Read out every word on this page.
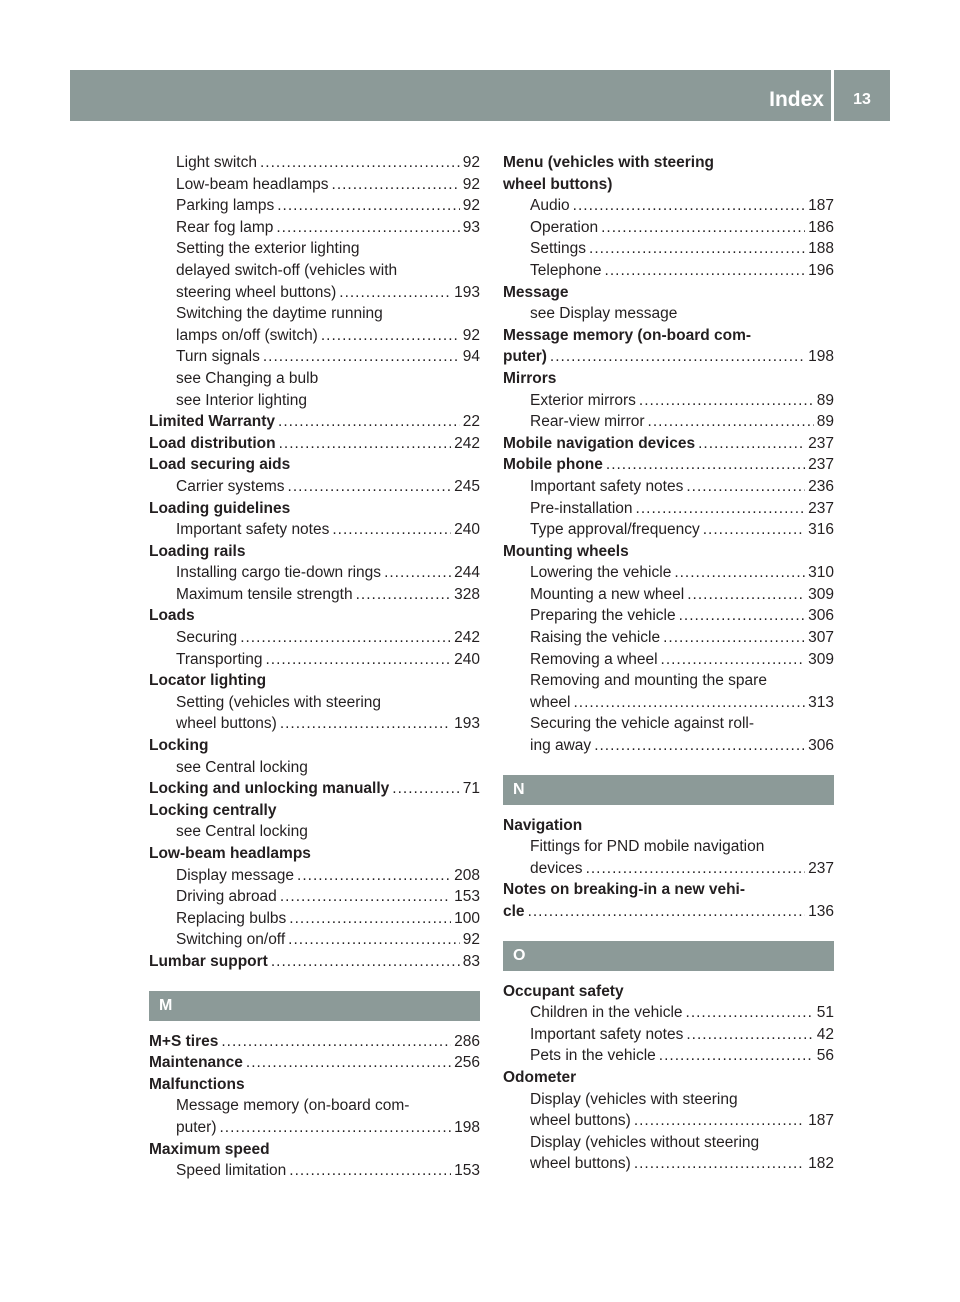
Index	13
Light switch .....	92
Low-beam headlamps .....	92
Parking lamps .....	92
Rear fog lamp .....	93
Setting the exterior lighting
delayed switch-off (vehicles with
steering wheel buttons) .....	193
Switching the daytime running
lamps on/off (switch) .....	92
Turn signals .....	94
see Changing a bulb
see Interior lighting
Limited Warranty .....	22
Load distribution .....	242
Load securing aids
Carrier systems .....	245
Loading guidelines
Important safety notes .....	240
Loading rails
Installing cargo tie-down rings .....	244
Maximum tensile strength .....	328
Loads
Securing .....	242
Transporting .....	240
Locator lighting
Setting (vehicles with steering
wheel buttons) .....	193
Locking
see Central locking
Locking and unlocking manually .....	71
Locking centrally
see Central locking
Low-beam headlamps
Display message .....	208
Driving abroad .....	153
Replacing bulbs .....	100
Switching on/off .....	92
Lumbar support .....	83
M
M+S tires .....	286
Maintenance .....	256
Malfunctions
Message memory (on-board com-
puter) .....	198
Maximum speed
Speed limitation .....	153
Menu (vehicles with steering
wheel buttons)
Audio .....	187
Operation .....	186
Settings .....	188
Telephone .....	196
Message
see Display message
Message memory (on-board com-
puter) .....	198
Mirrors
Exterior mirrors .....	89
Rear-view mirror .....	89
Mobile navigation devices .....	237
Mobile phone .....	237
Important safety notes .....	236
Pre-installation .....	237
Type approval/frequency .....	316
Mounting wheels
Lowering the vehicle .....	310
Mounting a new wheel .....	309
Preparing the vehicle .....	306
Raising the vehicle .....	307
Removing a wheel .....	309
Removing and mounting the spare
wheel .....	313
Securing the vehicle against roll-
ing away .....	306
N
Navigation
Fittings for PND mobile navigation
devices .....	237
Notes on breaking-in a new vehi-
cle .....	136
O
Occupant safety
Children in the vehicle .....	51
Important safety notes .....	42
Pets in the vehicle .....	56
Odometer
Display (vehicles with steering
wheel buttons) .....	187
Display (vehicles without steering
wheel buttons) .....	182
